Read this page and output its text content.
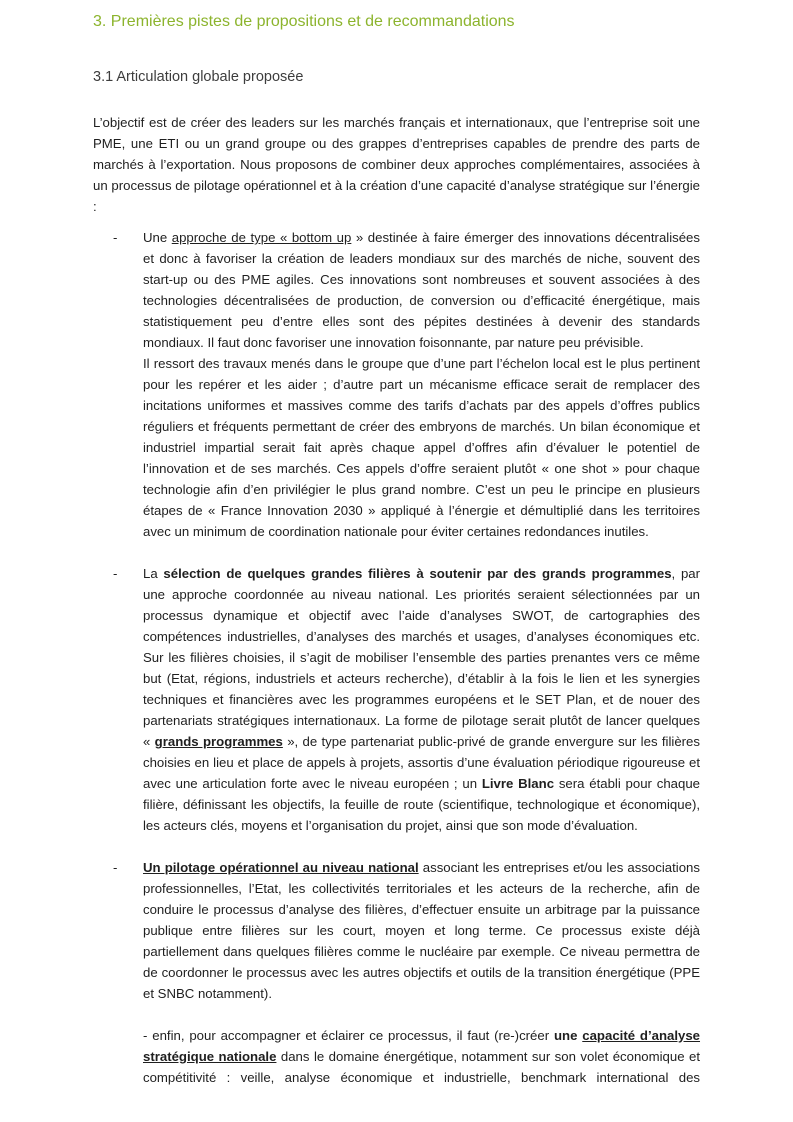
3. Premières pistes de propositions et de recommandations
3.1 Articulation globale proposée

L’objectif est de créer des leaders sur les marchés français et internationaux, que l’entreprise soit une PME, une ETI ou un grand groupe ou des grappes d’entreprises capables de prendre des parts de marchés à l’exportation. Nous proposons de combiner deux approches complémentaires, associées à un processus de pilotage opérationnel et à la création d’une capacité d’analyse stratégique sur l’énergie :

- Une approche de type « bottom up » destinée à faire émerger des innovations décentralisées et donc à favoriser la création de leaders mondiaux sur des marchés de niche, souvent des start-up ou des PME agiles. Ces innovations sont nombreuses et souvent associées à des technologies décentralisées de production, de conversion ou d’efficacité énergétique, mais statistiquement peu d’entre elles sont des pépites destinées à devenir des standards mondiaux. Il faut donc favoriser une innovation foisonnante, par nature peu prévisible.

Il ressort des travaux menés dans le groupe que d’une part l’échelon local est le plus pertinent pour les repérer et les aider ; d’autre part un mécanisme efficace serait de remplacer des incitations uniformes et massives comme des tarifs d’achats par des appels d’offres publics réguliers et fréquents permettant de créer des embryons de marchés. Un bilan économique et industriel impartial serait fait après chaque appel d’offres afin d’évaluer le potentiel de l’innovation et de ses marchés. Ces appels d’offre seraient plutôt « one shot » pour chaque technologie afin d’en privilégier le plus grand nombre. C’est un peu le principe en plusieurs étapes de « France Innovation 2030 » appliqué à l’énergie et démultiplié dans les territoires avec un minimum de coordination nationale pour éviter certaines redondances inutiles.

- La sélection de quelques grandes filières à soutenir par des grands programmes, par une approche coordonnée au niveau national. Les priorités seraient sélectionnées par un processus dynamique et objectif avec l’aide d’analyses SWOT, de cartographies des compétences industrielles, d’analyses des marchés et usages, d’analyses économiques etc. Sur les filières choisies, il s’agit de mobiliser l’ensemble des parties prenantes vers ce même but (Etat, régions, industriels et acteurs recherche), d’établir à la fois le lien et les synergies techniques et financières avec les programmes européens et le SET Plan, et de nouer des partenariats stratégiques internationaux. La forme de pilotage serait plutôt de lancer quelques « grands programmes », de type partenariat public-privé de grande envergure sur les filières choisies en lieu et place de appels à projets, assortis d’une évaluation périodique rigoureuse et avec une articulation forte avec le niveau européen ; un Livre Blanc sera établi pour chaque filière, définissant les objectifs, la feuille de route (scientifique, technologique et économique), les acteurs clés, moyens et l’organisation du projet, ainsi que son mode d’évaluation.

- Un pilotage opérationnel au niveau national associant les entreprises et/ou les associations professionnelles, l’Etat, les collectivités territoriales et les acteurs de la recherche, afin de conduire le processus d’analyse des filières, d’effectuer ensuite un arbitrage par la puissance publique entre filières sur les court, moyen et long terme. Ce processus existe déjà partiellement dans quelques filières comme le nucléaire par exemple. Ce niveau permettra de de coordonner le processus avec les autres objectifs et outils de la transition énergétique (PPE et SNBC notamment).

- enfin, pour accompagner et éclairer ce processus, il faut (re-)créer une capacité d’analyse stratégique nationale dans le domaine énergétique, notamment sur son volet économique et compétitivité : veille, analyse économique et industrielle, benchmark international des
